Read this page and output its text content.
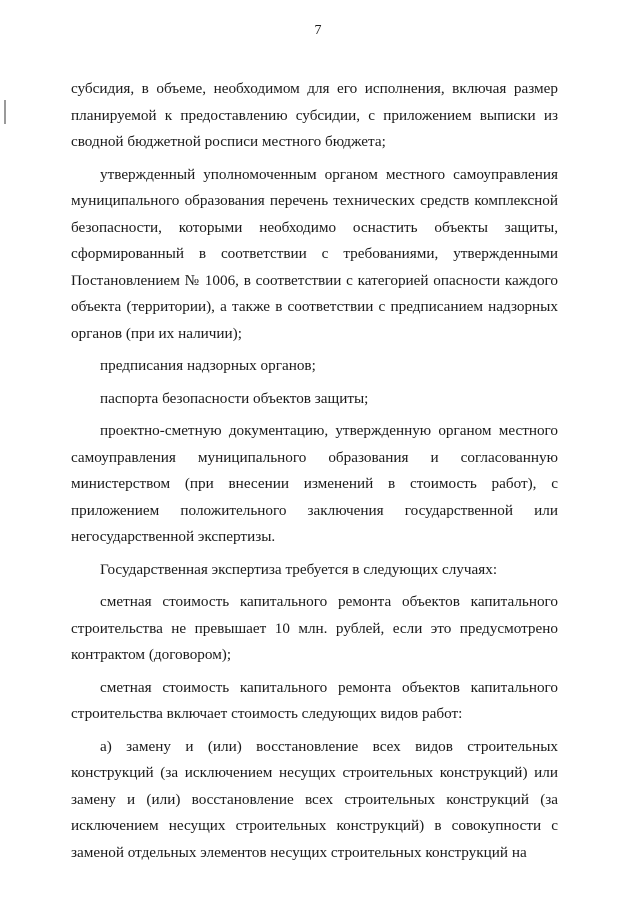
7

субсидия, в объеме, необходимом для его исполнения, включая размер

планируемой к предоставлению субсидии, с приложением выписки из

сводной бюджетной росписи местного бюджета;

утвержденный уполномоченным органом местного самоуправления

муниципального образования перечень технических средств комплексной

безопасности, которыми необходимо оснастить объекты защиты,

сформированный в соответствии с требованиями, утвержденными

Постановлением № 1006, в соответствии с категорией опасности каждого

объекта (территории), а также в соответствии с предписанием надзорных

органов (при их наличии);

предписания надзорных органов;

паспорта безопасности объектов защиты;

проектно-сметную документацию, утвержденную органом местного

самоуправления муниципального образования и согласованную

министерством (при внесении изменений в стоимость работ), с

приложением положительного заключения государственной или

негосударственной экспертизы.

Государственная экспертиза требуется в следующих случаях:

сметная стоимость капитального ремонта объектов капитального

строительства не превышает 10 млн. рублей, если это предусмотрено

контрактом (договором);

сметная стоимость капитального ремонта объектов капитального

строительства включает стоимость следующих видов работ:

а) замену и (или) восстановление всех видов строительных

конструкций (за исключением несущих строительных конструкций) или

замену и (или) восстановление всех строительных конструкций (за

исключением несущих строительных конструкций) в совокупности с

заменой отдельных элементов несущих строительных конструкций на
